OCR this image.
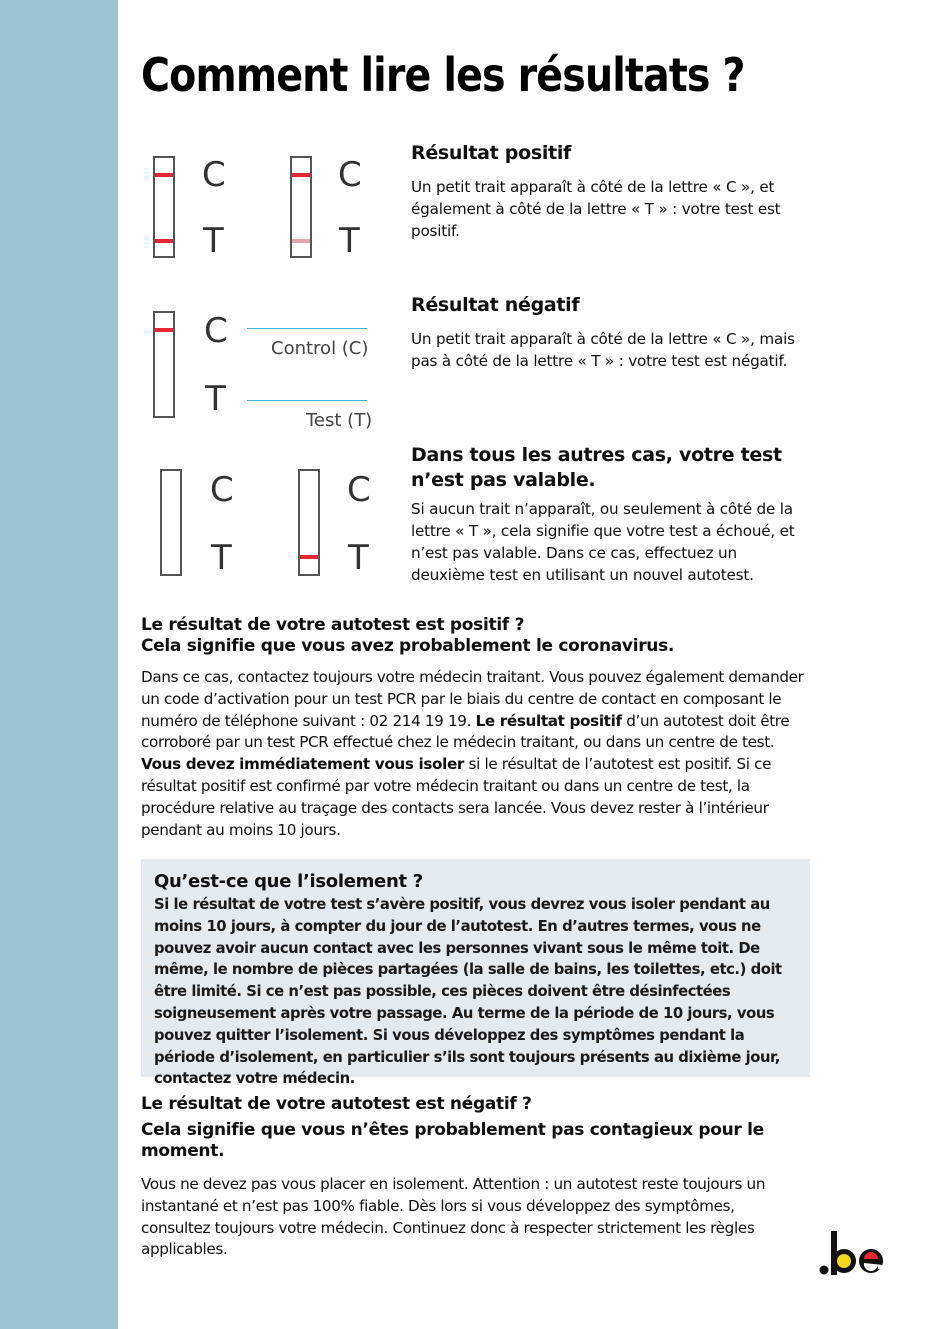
Comment lire les résultats ?
C
T
C
T
C
T
Control (C)
Test (T)
C
T
C
T
Résultat positif

Un petit trait apparaît à côté de la lettre « C », et également à côté de la lettre « T » : votre test est positif.

Résultat négatif

Un petit trait apparaît à côté de la lettre « C », mais pas à côté de la lettre « T » : votre test est négatif.

Dans tous les autres cas, votre test n’est pas valable.

Si aucun trait n’apparaît, ou seulement à côté de la lettre « T », cela signifie que votre test a échoué, et n’est pas valable. Dans ce cas, effectuez un deuxième test en utilisant un nouvel autotest.

Le résultat de votre autotest est positif ?
Cela signifie que vous avez probablement le coronavirus.

Dans ce cas, contactez toujours votre médecin traitant. Vous pouvez également demander un code d’activation pour un test PCR par le biais du centre de contact en composant le numéro de téléphone suivant : 02 214 19 19. Le résultat positif d’un autotest doit être corroboré par un test PCR effectué chez le médecin traitant, ou dans un centre de test. Vous devez immédiatement vous isoler si le résultat de l’autotest est positif. Si ce résultat positif est confirmé par votre médecin traitant ou dans un centre de test, la procédure relative au traçage des contacts sera lancée. Vous devez rester à l’intérieur pendant au moins 10 jours.

Qu’est-ce que l’isolement ?

Si le résultat de votre test s’avère positif, vous devrez vous isoler pendant au moins 10 jours, à compter du jour de l’autotest. En d’autres termes, vous ne pouvez avoir aucun contact avec les personnes vivant sous le même toit. De même, le nombre de pièces partagées (la salle de bains, les toilettes, etc.) doit être limité. Si ce n’est pas possible, ces pièces doivent être désinfectées soigneusement après votre passage. Au terme de la période de 10 jours, vous pouvez quitter l’isolement. Si vous développez des symptômes pendant la période d’isolement, en particulier s’ils sont toujours présents au dixième jour, contactez votre médecin.

Le résultat de votre autotest est négatif ?
Cela signifie que vous n’êtes probablement pas contagieux pour le moment.

Vous ne devez pas vous placer en isolement. Attention : un autotest reste toujours un instantané et n’est pas 100% fiable. Dès lors si vous développez des symptômes, consultez toujours votre médecin. Continuez donc à respecter strictement les règles applicables.
